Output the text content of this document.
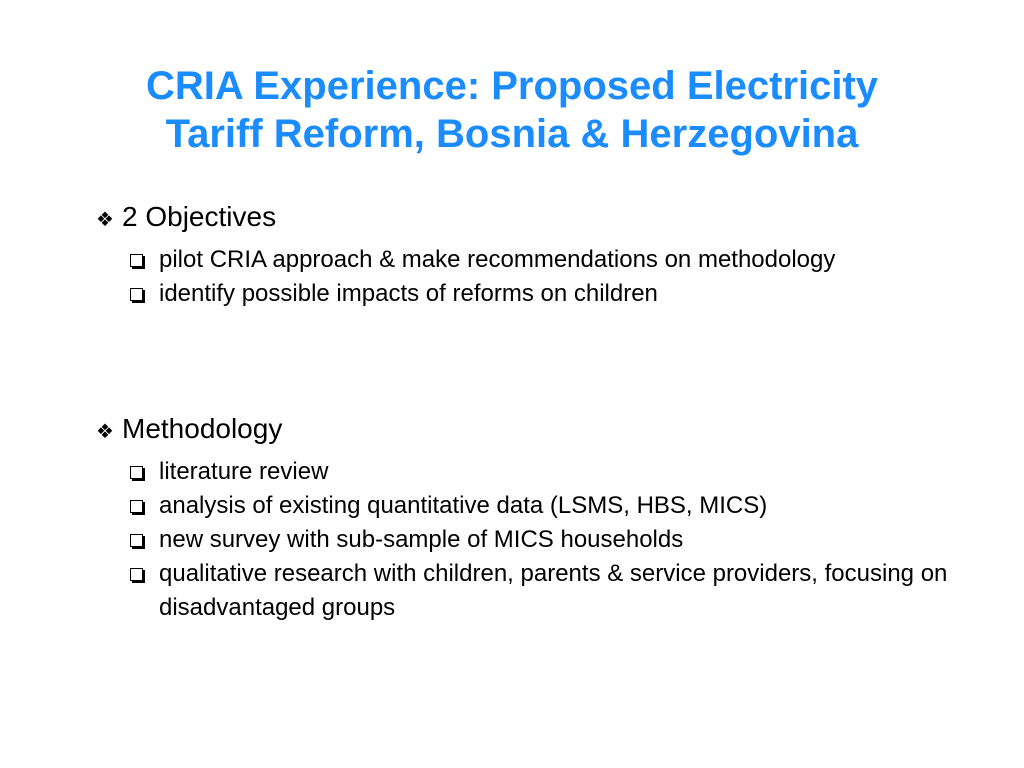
CRIA Experience: Proposed Electricity
Tariff Reform, Bosnia & Herzegovina
❖ 2 Objectives
pilot CRIA approach & make recommendations on methodology
identify possible impacts of reforms on children
❖ Methodology
literature review
analysis of existing quantitative data (LSMS, HBS, MICS)
new survey with sub-sample of MICS households
qualitative research with children, parents & service providers, focusing on disadvantaged groups
